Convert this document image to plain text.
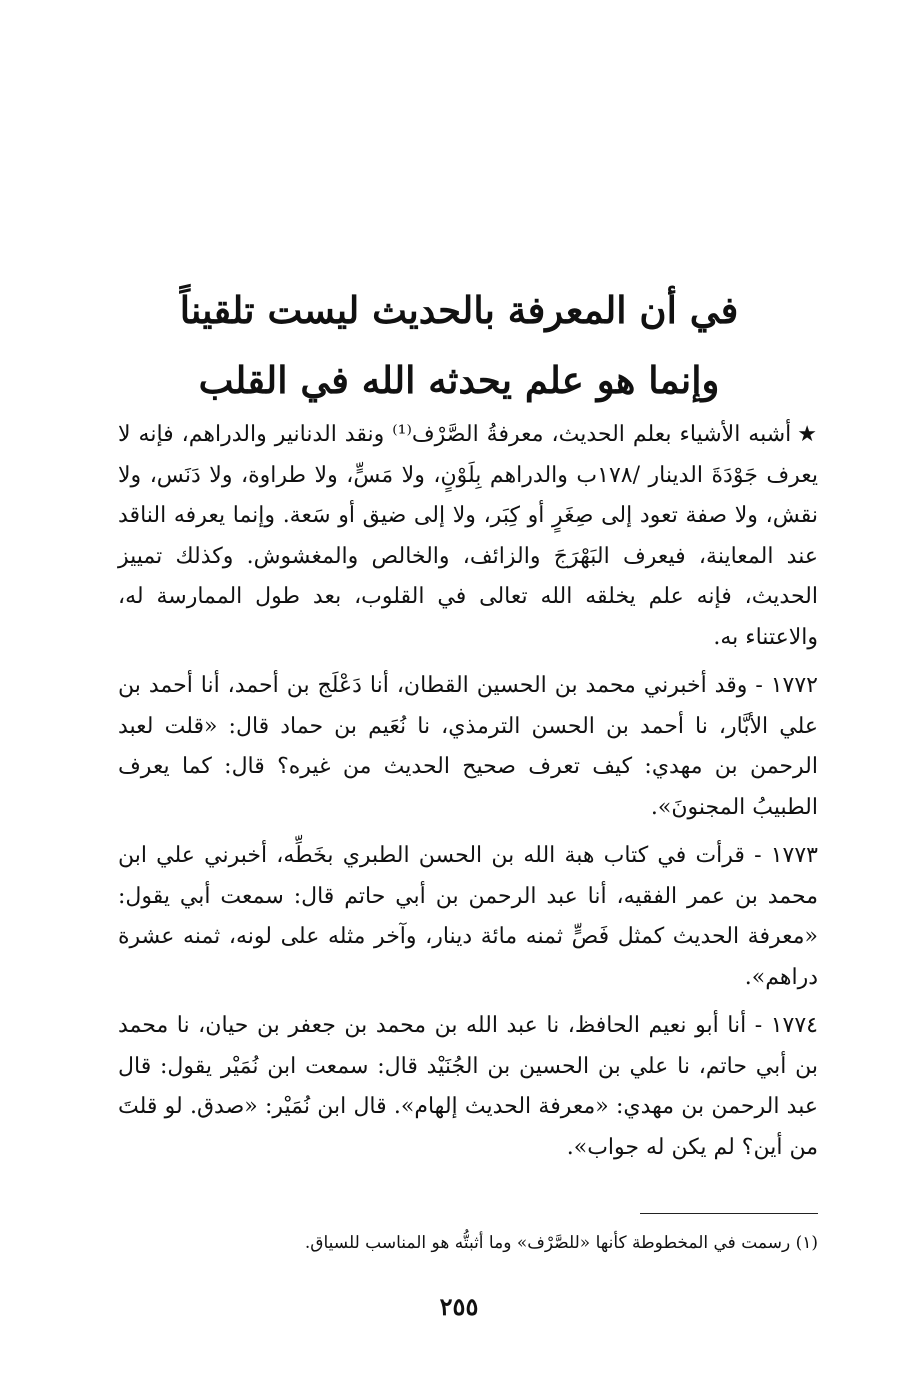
في أن المعرفة بالحديث ليست تلقيناً
وإنما هو علم يحدثه الله في القلب

★أشبه الأشياء بعلم الحديث، معرفةُ الصَّرْف⁽¹⁾ ونقد الدنانير والدراهم، فإنه لا يعرف جَوْدَةَ الدينار /١٧٨ب والدراهم بِلَوْنٍ، ولا مَسٍّ، ولا طراوة، ولا دَنَس، ولا نقش، ولا صفة تعود إلى صِغَرٍ أو كِبَر، ولا إلى ضيق أو سَعة. وإنما يعرفه الناقد عند المعاينة، فيعرف البَهْرَجَ والزائف، والخالص والمغشوش. وكذلك تمييز الحديث، فإنه علم يخلقه الله تعالى في القلوب، بعد طول الممارسة له، والاعتناء به.

١٧٧٢ - وقد أخبرني محمد بن الحسين القطان، أنا دَعْلَج بن أحمد، أنا أحمد بن علي الأبَّار، نا أحمد بن الحسن الترمذي، نا نُعَيم بن حماد قال: «قلت لعبد الرحمن بن مهدي: كيف تعرف صحيح الحديث من غيره؟ قال: كما يعرف الطبيبُ المجنونَ».

١٧٧٣ - قرأت في كتاب هبة الله بن الحسن الطبري بخَطِّه، أخبرني علي ابن محمد بن عمر الفقيه، أنا عبد الرحمن بن أبي حاتم قال: سمعت أبي يقول: «معرفة الحديث كمثل فَصٍّ ثمنه مائة دينار، وآخر مثله على لونه، ثمنه عشرة دراهم».

١٧٧٤ - أنا أبو نعيم الحافظ، نا عبد الله بن محمد بن جعفر بن حيان، نا محمد بن أبي حاتم، نا علي بن الحسين بن الجُنَيْد قال: سمعت ابن نُمَيْر يقول: قال عبد الرحمن بن مهدي: «معرفة الحديث إلهام». قال ابن نُمَيْر: «صدق. لو قلتَ من أين؟ لم يكن له جواب».

(١) رسمت في المخطوطة كأنها «للصَّرْف» وما أثبتُّه هو المناسب للسياق.
٢٥٥
